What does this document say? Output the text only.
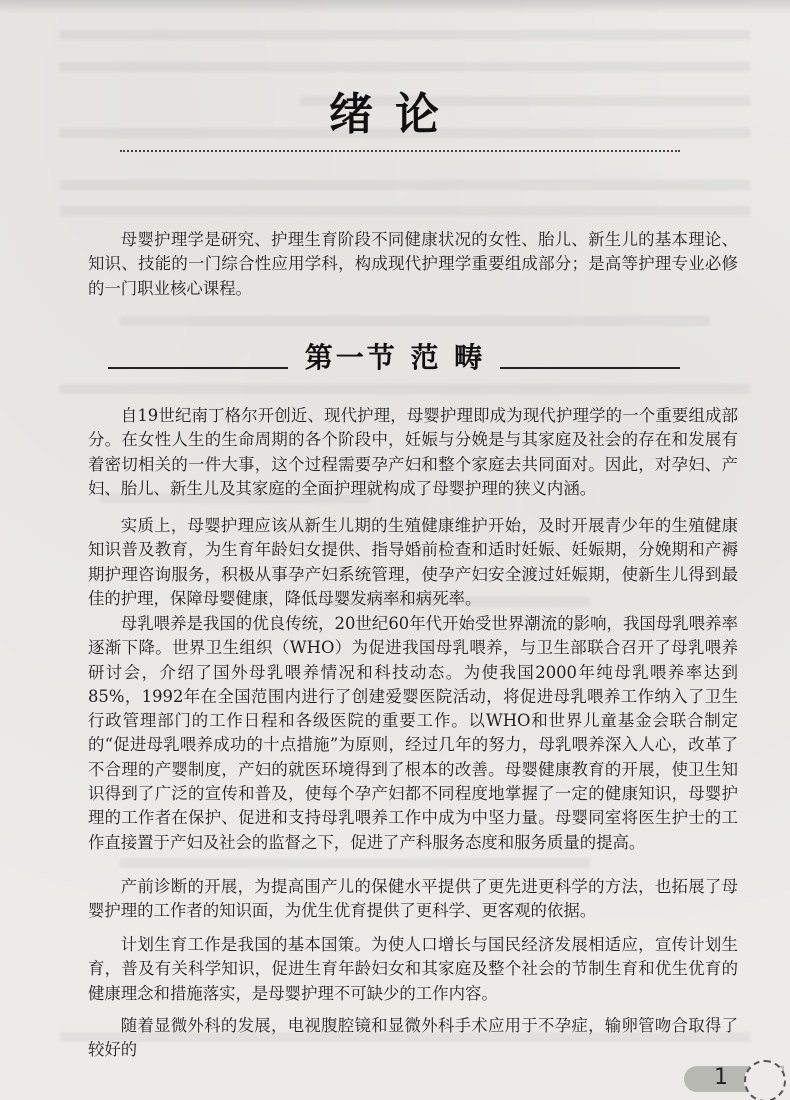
绪论

母婴护理学是研究、护理生育阶段不同健康状况的女性、胎儿、新生儿的基本理论、知识、技能的一门综合性应用学科，构成现代护理学重要组成部分；是高等护理专业必修的一门职业核心课程。

第一节 范 畴

自19世纪南丁格尔开创近、现代护理，母婴护理即成为现代护理学的一个重要组成部分。在女性人生的生命周期的各个阶段中，妊娠与分娩是与其家庭及社会的存在和发展有着密切相关的一件大事，这个过程需要孕产妇和整个家庭去共同面对。因此，对孕妇、产妇、胎儿、新生儿及其家庭的全面护理就构成了母婴护理的狭义内涵。

实质上，母婴护理应该从新生儿期的生殖健康维护开始，及时开展青少年的生殖健康知识普及教育，为生育年龄妇女提供、指导婚前检查和适时妊娠、妊娠期，分娩期和产褥期护理咨询服务，积极从事孕产妇系统管理，使孕产妇安全渡过妊娠期，使新生儿得到最佳的护理，保障母婴健康，降低母婴发病率和病死率。

母乳喂养是我国的优良传统，20世纪60年代开始受世界潮流的影响，我国母乳喂养率逐渐下降。世界卫生组织（WHO）为促进我国母乳喂养，与卫生部联合召开了母乳喂养研讨会，介绍了国外母乳喂养情况和科技动态。为使我国2000年纯母乳喂养率达到85%，1992年在全国范围内进行了创建爱婴医院活动，将促进母乳喂养工作纳入了卫生行政管理部门的工作日程和各级医院的重要工作。以WHO和世界儿童基金会联合制定的“促进母乳喂养成功的十点措施”为原则，经过几年的努力，母乳喂养深入人心，改革了不合理的产婴制度，产妇的就医环境得到了根本的改善。母婴健康教育的开展，使卫生知识得到了广泛的宣传和普及，使每个孕产妇都不同程度地掌握了一定的健康知识，母婴护理的工作者在保护、促进和支持母乳喂养工作中成为中坚力量。母婴同室将医生护士的工作直接置于产妇及社会的监督之下，促进了产科服务态度和服务质量的提高。

产前诊断的开展，为提高围产儿的保健水平提供了更先进更科学的方法，也拓展了母婴护理的工作者的知识面，为优生优育提供了更科学、更客观的依据。

计划生育工作是我国的基本国策。为使人口增长与国民经济发展相适应，宣传计划生育，普及有关科学知识，促进生育年龄妇女和其家庭及整个社会的节制生育和优生优育的健康理念和措施落实，是母婴护理不可缺少的工作内容。

随着显微外科的发展，电视腹腔镜和显微外科手术应用于不孕症，输卵管吻合取得了较好的

1
